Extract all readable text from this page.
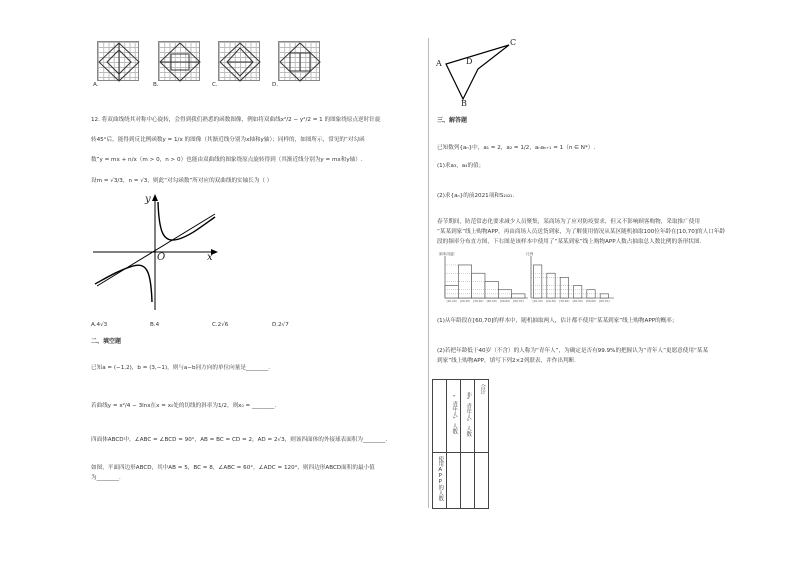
A.	B.	C.	D.
12. 将双曲线绕其对称中心旋转，会得到我们熟悉的函数图像，例如将双曲线x²/2 − y²/2 = 1 的图象绕原点逆时针旋
转45°后，能得到反比例函数y = 1/x 的图像（其渐近线分别为x轴和y轴）；同样的，如图所示，常见的“对勾函
数”y = mx + n/x（m > 0，n > 0）也能由双曲线的图象绕原点旋转得到（其渐近线分别为y = mx和y轴）.
设m = √3/3，n = √3，则此“对勾函数”所对应的双曲线的实轴长为（ ）
y
x
O
A.4√3	B.4	C.2√6	D.2√7
二、填空题
已知a = (−1,2)，b = (3,−1)，则与a−b同方向的单位向量是________.
若曲线y = x²/4 − 3lnx在x = x₀处的切线的斜率为1/2，则x₀ = ________.
四面体ABCD中，∠ABC = ∠BCD = 90°，AB = BC = CD = 2，AD = 2√3，则该四面体的外接球表面积为________.
如图，平面四边形ABCD，其中AB = 5，BC = 8，∠ABC = 60°，∠ADC = 120°，则四边形ABCD面积的最小值
为________.
A
B
C
D
三、解答题
已知数列{aₙ}中，a₁ = 2，a₂ = 1/2，aₙaₙ₊₁ = 1（n ∈ N*）.
(1)求a₃，a₄的值；
(2)求{aₙ}的前2021项和S₂₀₂₁.
春节期间，防范常态化要求减少人员聚集，某商场为了应对防疫要求，但又不影响顾客购物，采取推广使用
“某某到家”线上购物APP，再由商场人员送货到家，为了解使用情况从某区随机抽取100位年龄在[10,70]的人口年龄
段的频率分布直方图，下右图是该样本中使用了“某某到家”线上购物APP人数占抽取总人数比例的条形状图.
频率/组距
[10,20) [20,30) [30,40) [40,50) [50,60) [60,70]
比例
[10,20) [20,30) [30,40) [40,50) [50,60) [60,70]
(1)从年龄段在[60,70]的样本中，随机抽取两人，估计都不使用“某某到家”线上购物APP的概率；
(2)若把年龄低于40岁（不含）的人称为“青年人”，为确定是否有99.9%的把握认为“青年人”更愿意使用“某某
到家”线上购物APP，填写下列2×2列联表，并作出判断.
	“青年人”人数	非“青年人”人数	合计
使用APP的人数			
